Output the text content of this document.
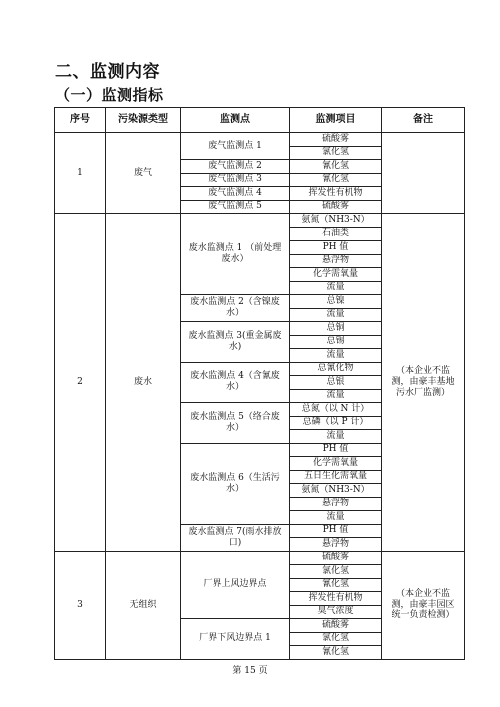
二、监测内容
（一）监测指标
序号	污染源类型	监测点	监测项目	备注
1	废气	废气监测点 1	硫酸雾	

			氯化氢	

		废气监测点 2	氰化氢	

		废气监测点 3	氰化氢	

		废气监测点 4	挥发性有机物	

		废气监测点 5	硫酸雾	
2	废水	废水监测点 1 （前处理废水）	氨氮（NH3-N）	（本企业不监测，由豪丰基地污水厂监测）

			石油类	
			PH 值	
			悬浮物	
			化学需氧量	
			流量	

		废水监测点 2（含镍废水）	总镍	
			流量	

		废水监测点 3(重金属废水)	总铜	
			总锡	
			流量	

		废水监测点 4（含氰废水）	总氰化物	
			总银	
			流量	

		废水监测点 5（络合废水）	总氮（以 N 计）	
			总磷（以 P 计）	
			流量	

		废水监测点 6（生活污水）	PH 值	
			化学需氧量	
			五日生化需氧量	
			氨氮（NH3-N）	
			悬浮物	
			流量	

		废水监测点 7(雨水排放口)	PH 值	
			悬浮物	
3	无组织	厂界上风边界点	硫酸雾	（本企业不监测，由豪丰园区统一负责检测）

			氯化氢	
			氰化氢	
			挥发性有机物	
			臭气浓度	

		厂界下风边界点 1	硫酸雾	
			氯化氢	
			氰化氢	
第 15 页
